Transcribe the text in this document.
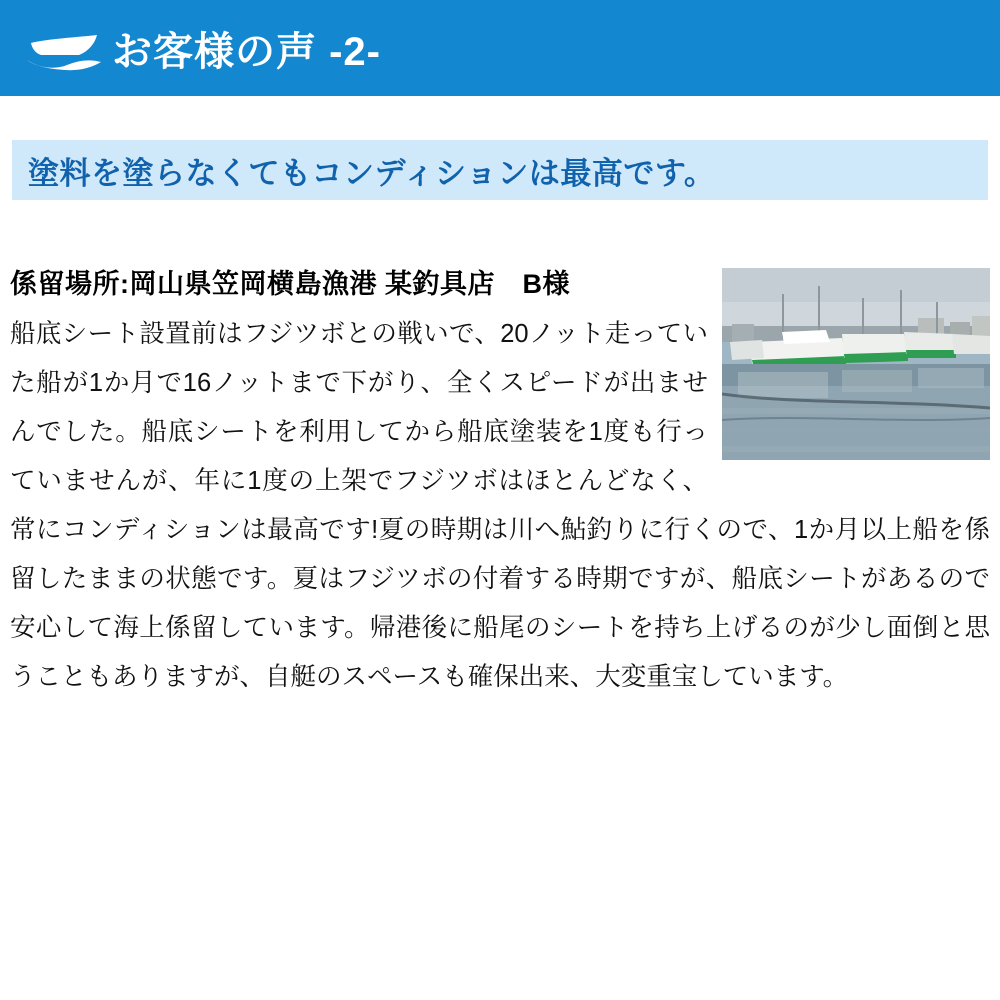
お客様の声 -2-
塗料を塗らなくてもコンディションは最高です。
係留場所:岡山県笠岡横島漁港 某釣具店　B様

船底シート設置前はフジツボとの戦いで、20ノット走っていた船が1か月で16ノットまで下がり、全くスピードが出ませんでした。船底シートを利用してから船底塗装を1度も行っていませんが、年に1度の上架でフジツボはほとんどなく、常にコンディションは最高です!夏の時期は川へ鮎釣りに行くので、1か月以上船を係留したままの状態です。夏はフジツボの付着する時期ですが、船底シートがあるので安心して海上係留しています。帰港後に船尾のシートを持ち上げるのが少し面倒と思うこともありますが、自艇のスペースも確保出来、大変重宝しています。
